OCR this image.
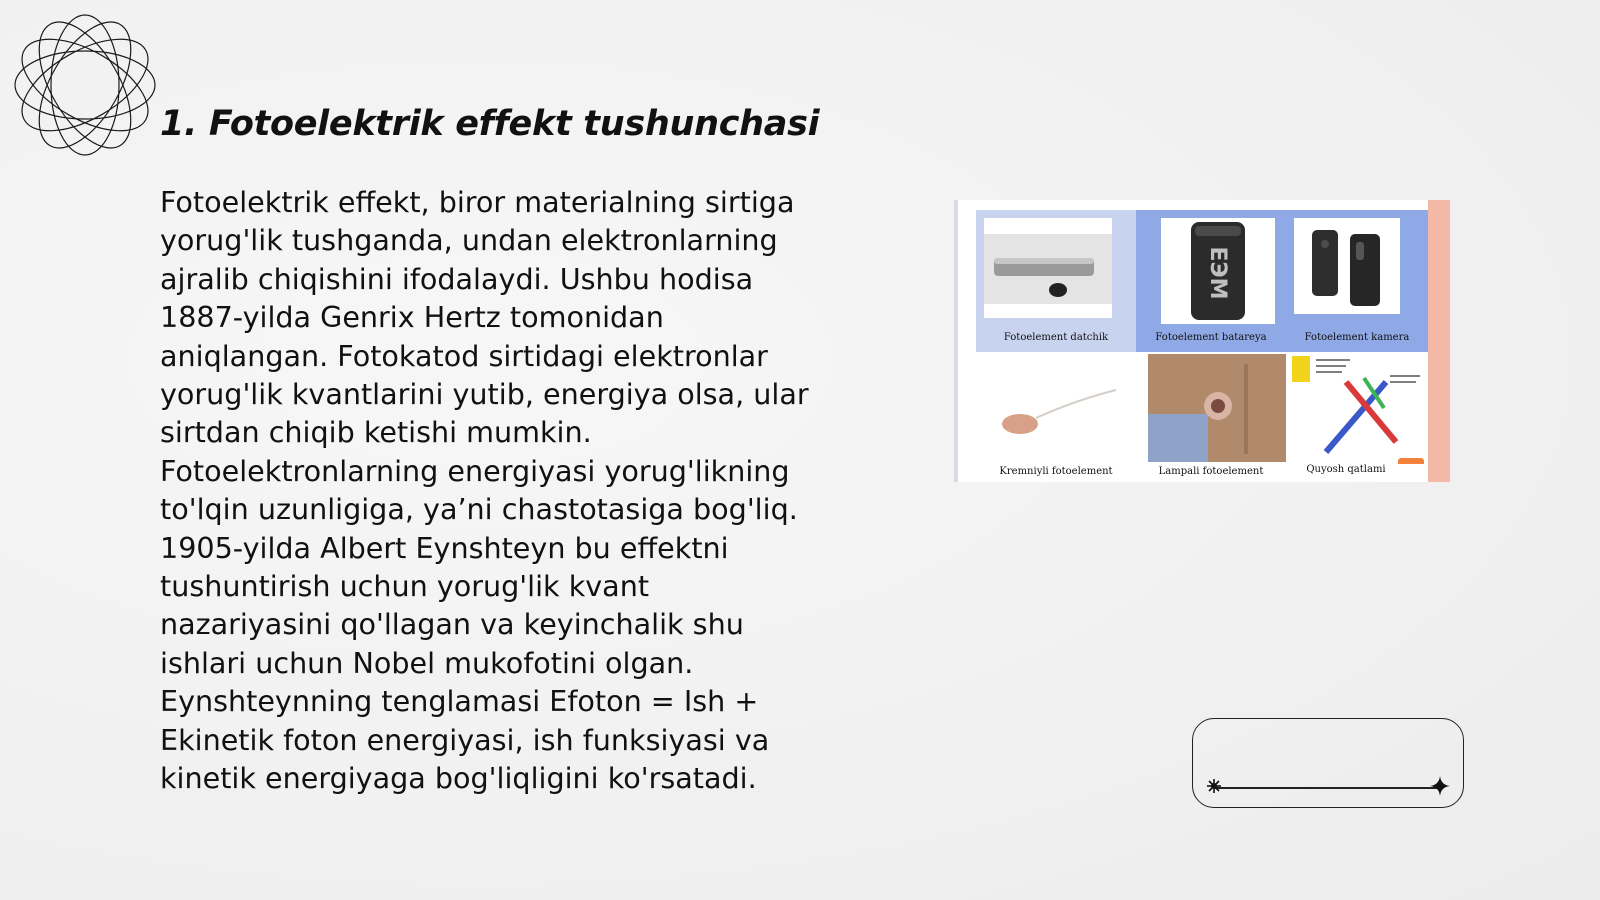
1. Fotoelektrik effekt tushunchasi
Fotoelektrik effekt, biror materialning sirtiga
yorug'lik tushganda, undan elektronlarning
ajralib chiqishini ifodalaydi. Ushbu hodisa
1887-yilda Genrix Hertz tomonidan
aniqlangan. Fotokatod sirtidagi elektronlar
yorug'lik kvantlarini yutib, energiya olsa, ular
sirtdan chiqib ketishi mumkin.
Fotoelektronlarning energiyasi yorug'likning
to'lqin uzunligiga, ya’ni chastotasiga bog'liq.
1905-yilda Albert Eynshteyn bu effektni
tushuntirish uchun yorug'lik kvant
nazariyasini qo'llagan va keyinchalik shu
ishlari uchun Nobel mukofotini olgan.
Eynshteynning tenglamasi Efoton = Ish +
Ekinetik foton energiyasi, ish funksiyasi va
kinetik energiyaga bog'liqligini ko'rsatadi.
Fotoelement datchik
ЕЭМ
Fotoelement batareya	Fotoelement kamera
Kremniyli fotoelement	Lampali fotoelement	Quyosh qatlami
